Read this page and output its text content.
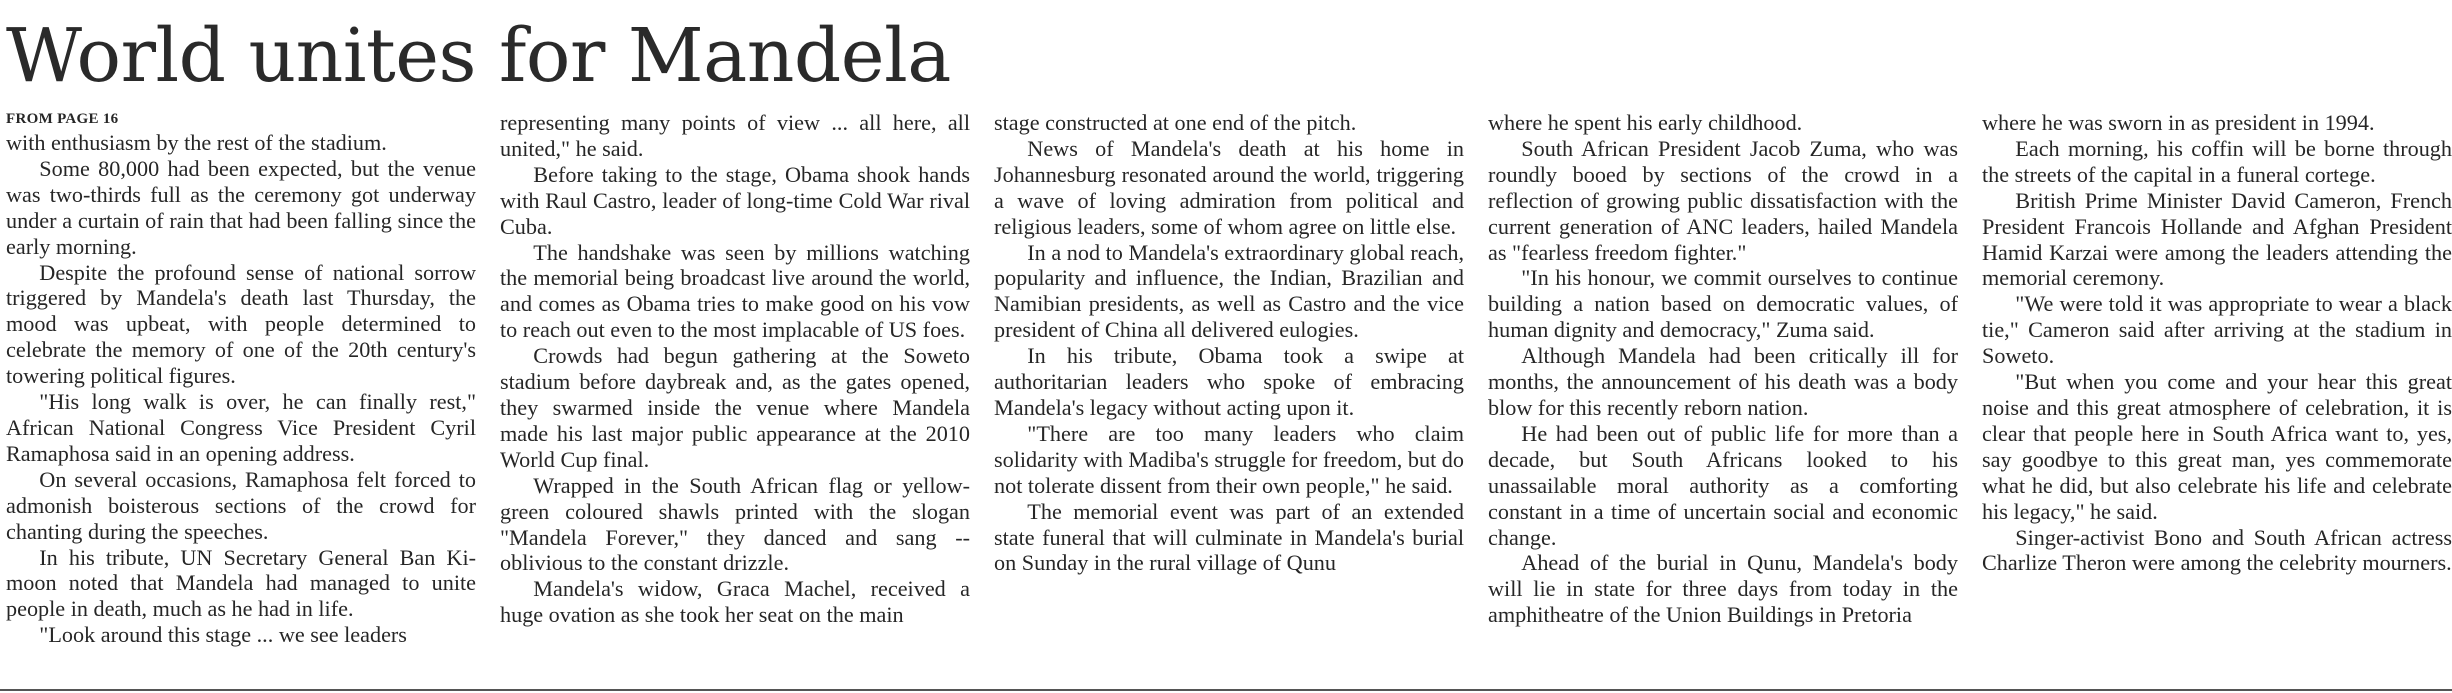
World unites for Mandela
FROM PAGE 16

with enthusiasm by the rest of the stadium.

Some 80,000 had been expected, but the venue was two-thirds full as the ceremony got underway under a curtain of rain that had been falling since the early morning.

Despite the profound sense of national sorrow triggered by Mandela's death last Thursday, the mood was upbeat, with people determined to celebrate the memory of one of the 20th century's towering political figures.

"His long walk is over, he can finally rest," African National Congress Vice President Cyril Ramaphosa said in an opening address.

On several occasions, Ramaphosa felt forced to admonish boisterous sections of the crowd for chanting during the speeches.

In his tribute, UN Secretary General Ban Ki-moon noted that Mandela had managed to unite people in death, much as he had in life.

"Look around this stage ... we see leaders

representing many points of view ... all here, all united," he said.

Before taking to the stage, Obama shook hands with Raul Castro, leader of long-time Cold War rival Cuba.

The handshake was seen by millions watching the memorial being broadcast live around the world, and comes as Obama tries to make good on his vow to reach out even to the most implacable of US foes.

Crowds had begun gathering at the Soweto stadium before daybreak and, as the gates opened, they swarmed inside the venue where Mandela made his last major public appearance at the 2010 World Cup final.

Wrapped in the South African flag or yellow-green coloured shawls printed with the slogan "Mandela Forever," they danced and sang -- oblivious to the constant drizzle.

Mandela's widow, Graca Machel, received a huge ovation as she took her seat on the main

stage constructed at one end of the pitch.

News of Mandela's death at his home in Johannesburg resonated around the world, triggering a wave of loving admiration from political and religious leaders, some of whom agree on little else.

In a nod to Mandela's extraordinary global reach, popularity and influence, the Indian, Brazilian and Namibian presidents, as well as Castro and the vice president of China all delivered eulogies.

In his tribute, Obama took a swipe at authoritarian leaders who spoke of embracing Mandela's legacy without acting upon it.

"There are too many leaders who claim solidarity with Madiba's struggle for freedom, but do not tolerate dissent from their own people," he said.

The memorial event was part of an extended state funeral that will culminate in Mandela's burial on Sunday in the rural village of Qunu

where he spent his early childhood.

South African President Jacob Zuma, who was roundly booed by sections of the crowd in a reflection of growing public dissatisfaction with the current generation of ANC leaders, hailed Mandela as "fearless freedom fighter."

"In his honour, we commit ourselves to continue building a nation based on democratic values, of human dignity and democracy," Zuma said.

Although Mandela had been critically ill for months, the announcement of his death was a body blow for this recently reborn nation.

He had been out of public life for more than a decade, but South Africans looked to his unassailable moral authority as a comforting constant in a time of uncertain social and economic change.

Ahead of the burial in Qunu, Mandela's body will lie in state for three days from today in the amphitheatre of the Union Buildings in Pretoria

where he was sworn in as president in 1994.

Each morning, his coffin will be borne through the streets of the capital in a funeral cortege.

British Prime Minister David Cameron, French President Francois Hollande and Afghan President Hamid Karzai were among the leaders attending the memorial ceremony.

"We were told it was appropriate to wear a black tie," Cameron said after arriving at the stadium in Soweto.

"But when you come and your hear this great noise and this great atmosphere of celebration, it is clear that people here in South Africa want to, yes, say goodbye to this great man, yes commemorate what he did, but also celebrate his life and celebrate his legacy," he said.

Singer-activist Bono and South African actress Charlize Theron were among the celebrity mourners.
